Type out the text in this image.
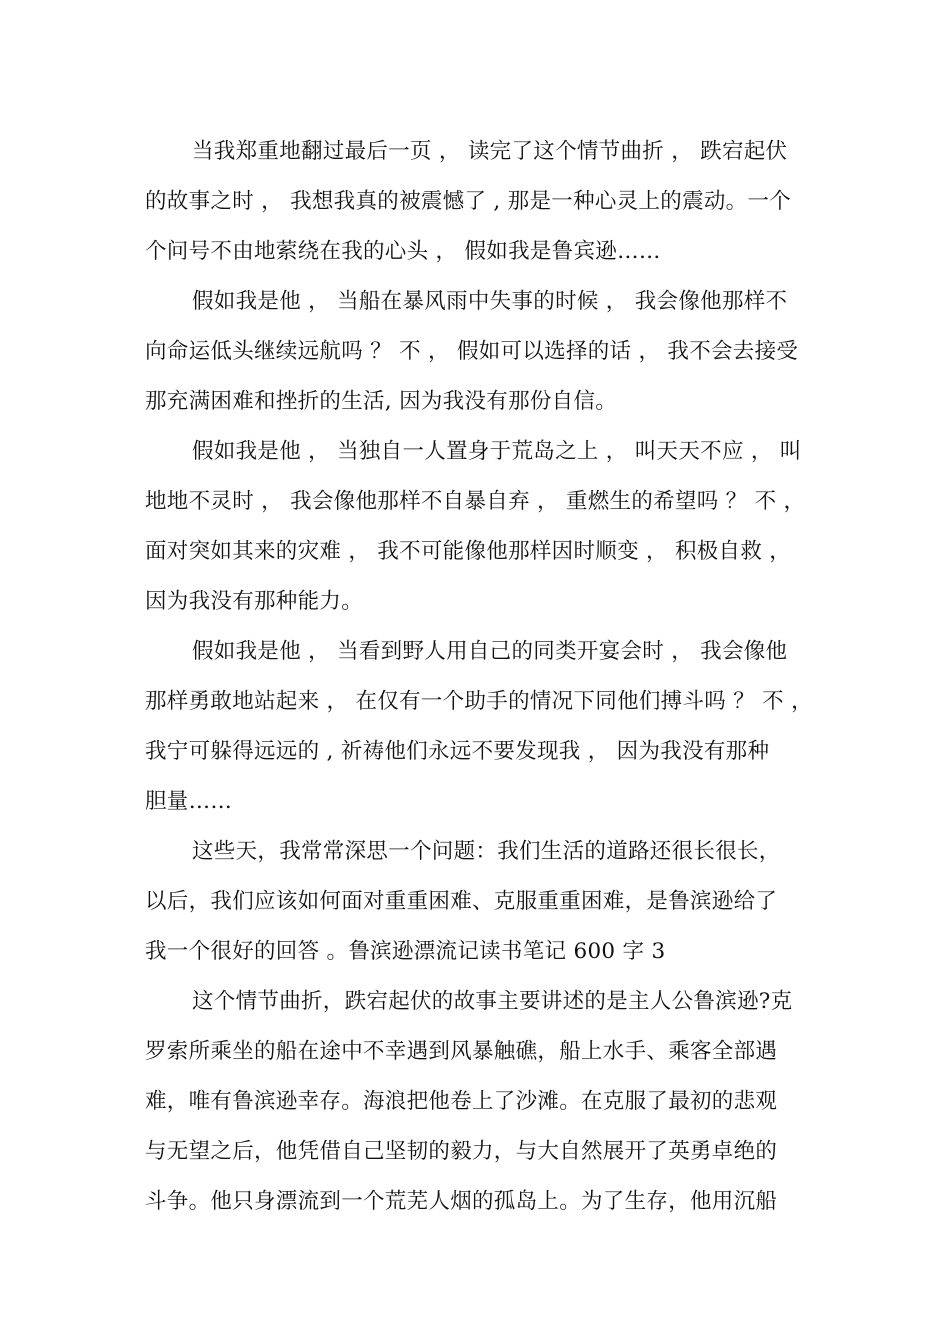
当我郑重地翻过最后一页 ， 读完了这个情节曲折 ， 跌宕起伏
的故事之时 ， 我想我真的被震憾了 , 那是一种心灵上的震动。一个
个问号不由地萦绕在我的心头 ， 假如我是鲁宾逊……
假如我是他 ， 当船在暴风雨中失事的时候 ， 我会像他那样不
向命运低头继续远航吗 ？ 不 ， 假如可以选择的话 ， 我不会去接受
那充满困难和挫折的生活, 因为我没有那份自信。
假如我是他 ， 当独自一人置身于荒岛之上 ， 叫天天不应 ， 叫
地地不灵时 ， 我会像他那样不自暴自弃 ， 重燃生的希望吗 ？ 不 ，
面对突如其来的灾难 ， 我不可能像他那样因时顺变 ， 积极自救 ，
因为我没有那种能力。
假如我是他 ， 当看到野人用自己的同类开宴会时 ， 我会像他
那样勇敢地站起来 ， 在仅有一个助手的情况下同他们搏斗吗 ？ 不 ，
我宁可躲得远远的 , 祈祷他们永远不要发现我 ， 因为我没有那种
胆量……
这些天，我常常深思一个问题：我们生活的道路还很长很长，
以后，我们应该如何面对重重困难、克服重重困难，是鲁滨逊给了
我一个很好的回答 。鲁滨逊漂流记读书笔记 600 字 3
这个情节曲折，跌宕起伏的故事主要讲述的是主人公鲁滨逊?克
罗索所乘坐的船在途中不幸遇到风暴触礁，船上水手、乘客全部遇
难，唯有鲁滨逊幸存。海浪把他卷上了沙滩。在克服了最初的悲观
与无望之后，他凭借自己坚韧的毅力，与大自然展开了英勇卓绝的
斗争。他只身漂流到一个荒芜人烟的孤岛上。为了生存，他用沉船
